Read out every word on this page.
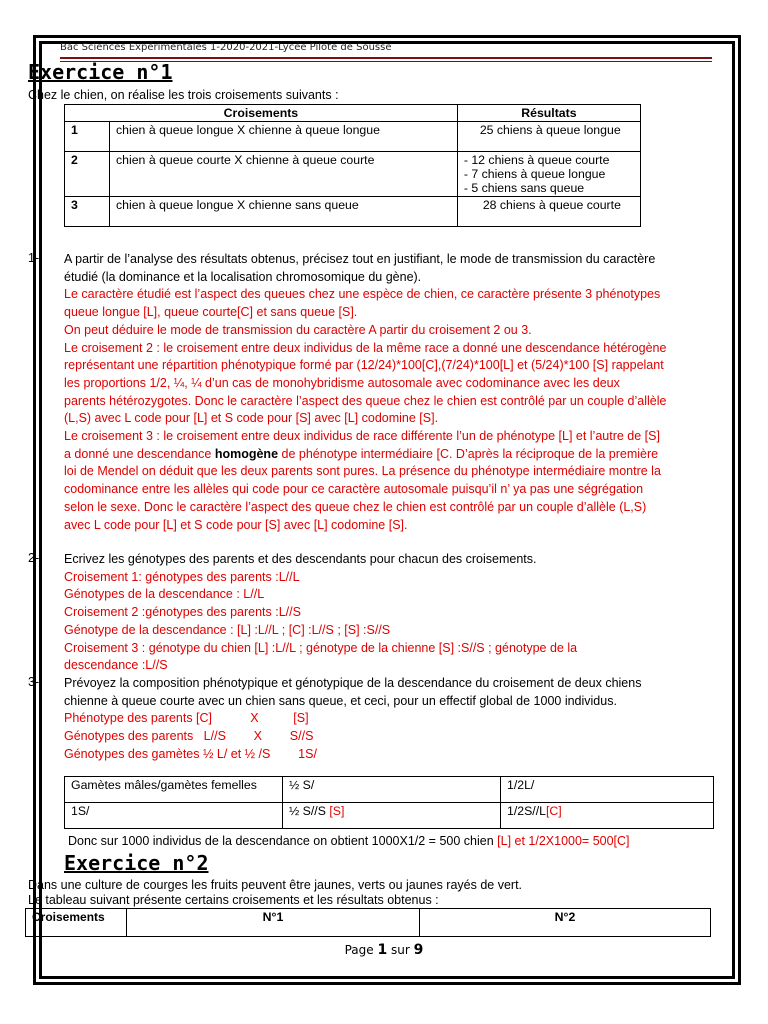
Bac Sciences Expérimentales 1-2020-2021-Lycée Pilote de Sousse
Exercice n°1
Chez le chien, on réalise les trois croisements suivants :
Croisements		Résultats
1	chien à queue longue X chienne à queue longue	25 chiens à queue longue

2	chien à queue courte X chienne à queue courte	- 12 chiens à queue courte
- 7 chiens à queue longue
- 5 chiens sans queue

3	chien à queue longue X chienne sans queue	28 chiens à queue courte
1- A partir de l’analyse des résultats obtenus, précisez tout en justifiant, le mode de transmission du caractère
étudié (la dominance et la localisation chromosomique du gène).
Le caractère étudié est l’aspect des queues chez une espèce de chien, ce caractère présente 3 phénotypes
queue longue [L], queue courte[C] et sans queue [S].
On peut déduire le mode de transmission du caractère A partir du croisement 2 ou 3.
Le croisement 2 : le croisement entre deux individus de la même race a donné une descendance hétérogène
représentant une répartition phénotypique formé par (12/24)*100[C],(7/24)*100[L] et (5/24)*100 [S] rappelant
les proportions 1/2, ¼, ¼ d’un cas de monohybridisme autosomale avec codominance avec les deux
parents hétérozygotes. Donc le caractère l’aspect des queue chez le chien est contrôlé par un couple d’allèle
(L,S) avec L code pour [L] et S code pour [S] avec [L] codomine [S].
Le croisement 3 : le croisement entre deux individus de race différente l’un de phénotype [L] et l’autre de [S]
a donné une descendance homogène de phénotype intermédiaire [C. D’après la réciproque de la première
loi de Mendel on déduit que les deux parents sont pures. La présence du phénotype intermédiaire montre la
codominance entre les allèles qui code pour ce caractère autosomale puisqu’il n’ ya pas une ségrégation
selon le sexe. Donc le caractère l’aspect des queue chez le chien est contrôlé par un couple d’allèle (L,S)
avec L code pour [L] et S code pour [S] avec [L] codomine [S].
2- Ecrivez les génotypes des parents et des descendants pour chacun des croisements.
Croisement 1: génotypes des parents :L//L
Génotypes de la descendance : L//L
Croisement 2 :génotypes des parents :L//S
Génotype de la descendance : [L] :L//L ; [C] :L//S ; [S] :S//S
Croisement 3 : génotype du chien [L] :L//L ; génotype de la chienne [S] :S//S ; génotype de la
descendance :L//S
3- Prévoyez la composition phénotypique et génotypique de la descendance du croisement de deux chiens
chienne à queue courte avec un chien sans queue, et ceci, pour un effectif global de 1000 individus.
Phénotype des parents [C]           X          [S]
Génotypes des parents   L//S        X        S//S
Génotypes des gamètes ½ L/ et ½ /S        1S/
Gamètes mâles/gamètes femelles	½ S/	1/2L/
1S/	½ S//S [S]	1/2S//L[C]
Donc sur 1000 individus de la descendance on obtient 1000X1/2 = 500 chien [L] et 1/2X1000= 500[C]
Exercice n°2
Dans une culture de courges les fruits peuvent être jaunes, verts ou jaunes rayés de vert.
Le tableau suivant présente certains croisements et les résultats obtenus :
Croisements	N°1	N°2
Page 1 sur 9
